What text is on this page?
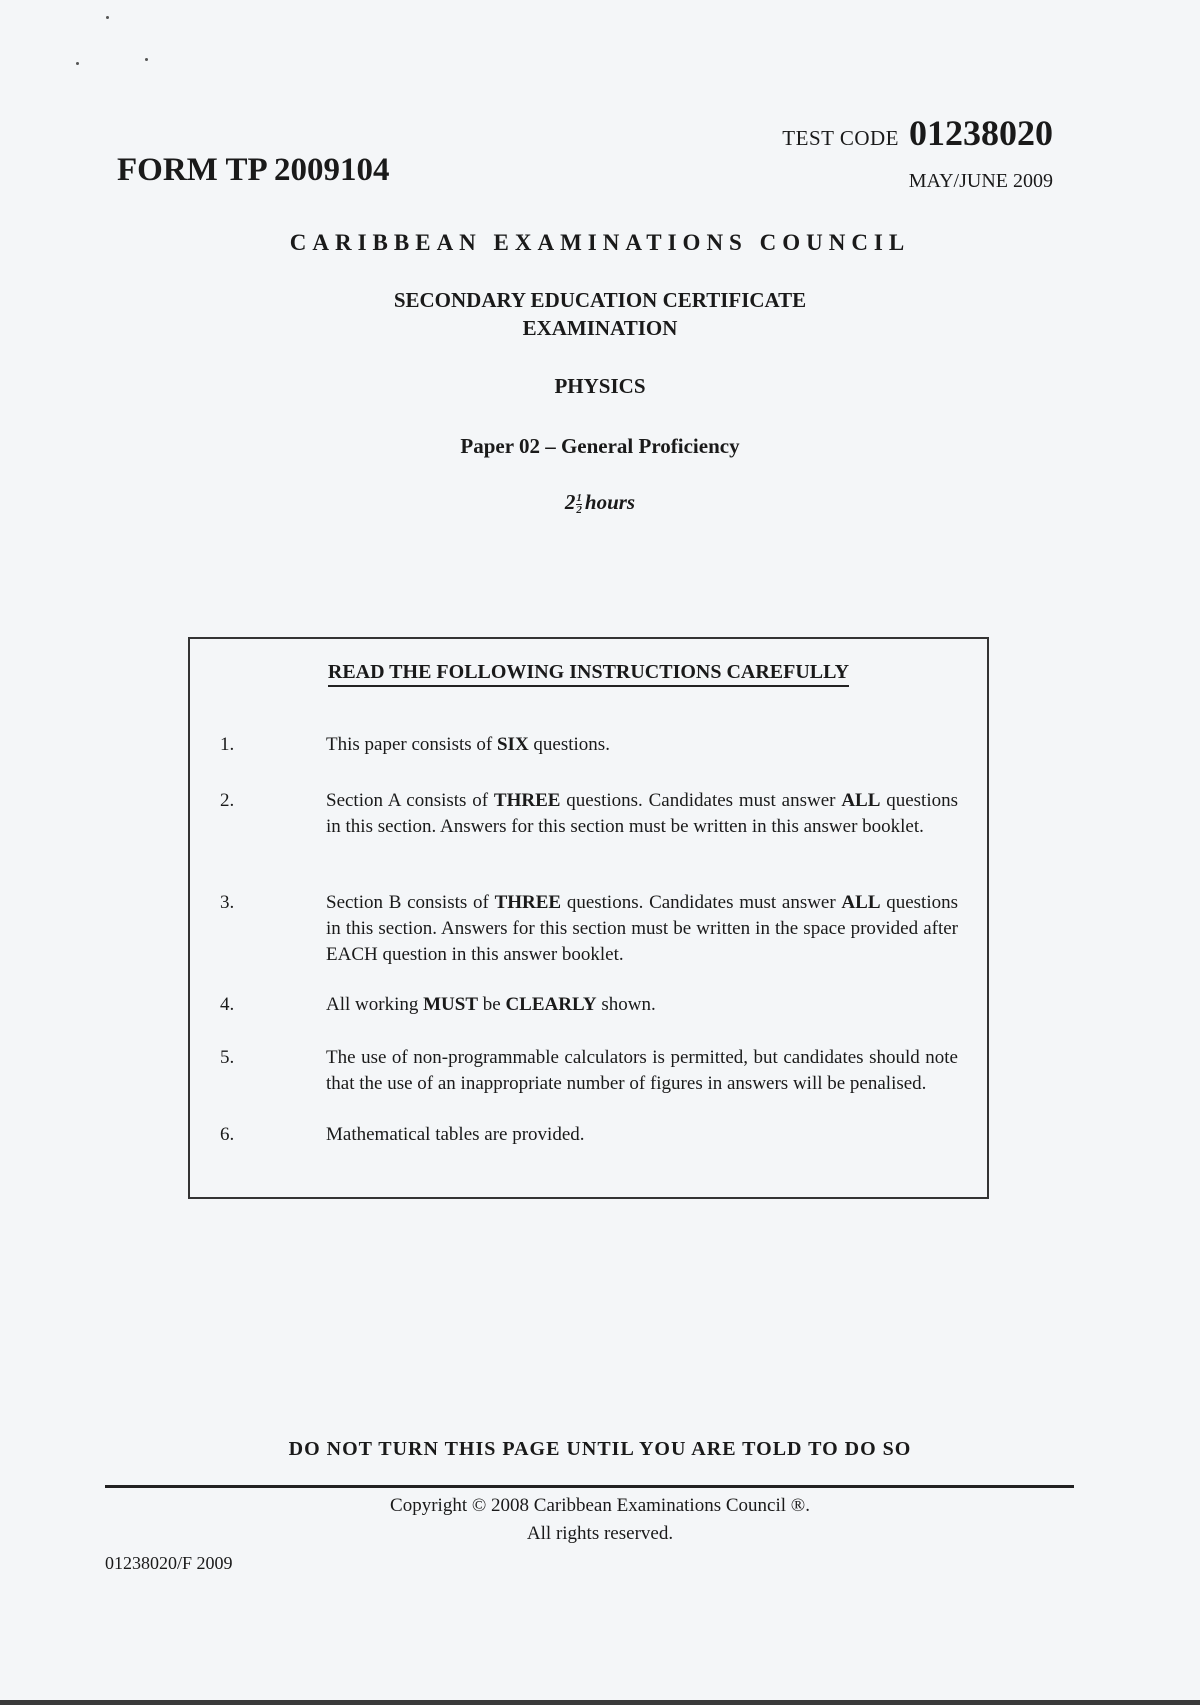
TEST CODE 01238020
FORM TP 2009104	MAY/JUNE 2009
CARIBBEAN EXAMINATIONS COUNCIL
SECONDARY EDUCATION CERTIFICATE
EXAMINATION
PHYSICS
Paper 02 – General Proficiency
$2 \frac{1}{2}$ hours
READ THE FOLLOWING INSTRUCTIONS CAREFULLY
1.	This paper consists of SIX questions.
2.	Section A consists of THREE questions. Candidates must answer ALL questions in this section. Answers for this section must be written in this answer booklet.
3.	Section B consists of THREE questions. Candidates must answer ALL questions in this section. Answers for this section must be written in the space provided after EACH question in this answer booklet.
4.	All working MUST be CLEARLY shown.
5.	The use of non-programmable calculators is permitted, but candidates should note that the use of an inappropriate number of figures in answers will be penalised.
6.	Mathematical tables are provided.
DO NOT TURN THIS PAGE UNTIL YOU ARE TOLD TO DO SO
Copyright © 2008 Caribbean Examinations Council ®.
All rights reserved.
01238020/F 2009
